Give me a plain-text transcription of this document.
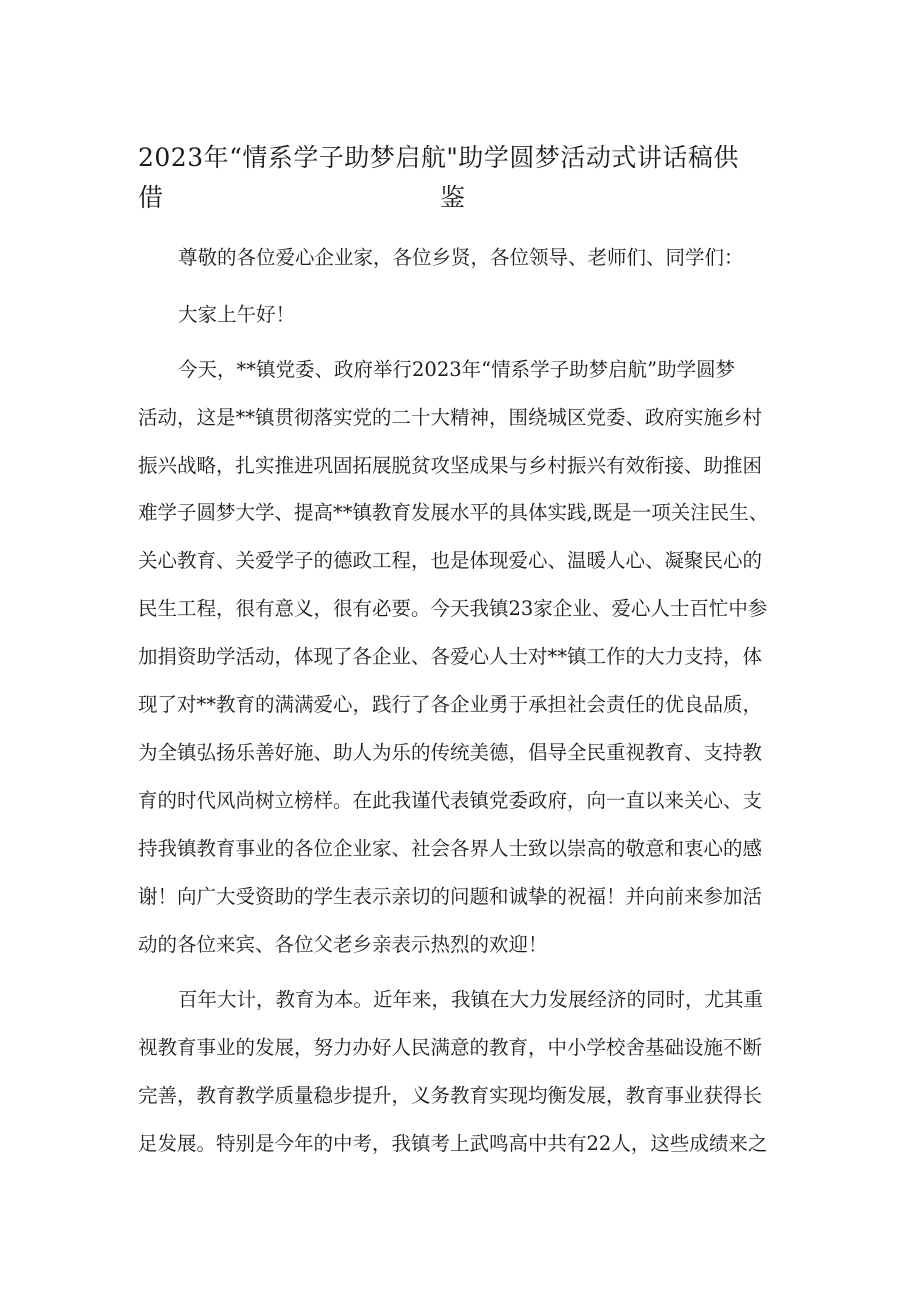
2023年“情系学子助梦启航"助学圆梦活动式讲话稿供借	鉴

尊敬的各位爱心企业家，各位乡贤，各位领导、老师们、同学们：

大家上午好！

今天，**镇党委、政府举行2023年“情系学子助梦启航”助学圆梦

活动，这是**镇贯彻落实党的二十大精神，围绕城区党委、政府实施乡村

振兴战略，扎实推进巩固拓展脱贫攻坚成果与乡村振兴有效衔接、助推困

难学子圆梦大学、提高**镇教育发展水平的具体实践,既是一项关注民生、

关心教育、关爱学子的德政工程，也是体现爱心、温暖人心、凝聚民心的

民生工程，很有意义，很有必要。今天我镇23家企业、爱心人士百忙中参

加捐资助学活动，体现了各企业、各爱心人士对**镇工作的大力支持，体

现了对**教育的满满爱心，践行了各企业勇于承担社会责任的优良品质，

为全镇弘扬乐善好施、助人为乐的传统美德，倡导全民重视教育、支持教

育的时代风尚树立榜样。在此我谨代表镇党委政府，向一直以来关心、支

持我镇教育事业的各位企业家、社会各界人士致以崇高的敬意和衷心的感

谢！向广大受资助的学生表示亲切的问题和诚挚的祝福！并向前来参加活

动的各位来宾、各位父老乡亲表示热烈的欢迎！

百年大计，教育为本。近年来，我镇在大力发展经济的同时，尤其重

视教育事业的发展，努力办好人民满意的教育，中小学校舍基础设施不断

完善，教育教学质量稳步提升，义务教育实现均衡发展，教育事业获得长

足发展。特别是今年的中考，我镇考上武鸣高中共有22人，这些成绩来之
